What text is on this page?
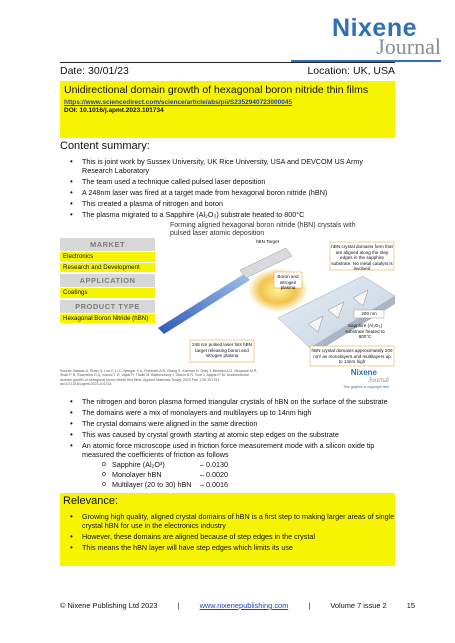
Nixene
Journal
Date: 30/01/23	Location: UK, USA
Unidirectional domain growth of hexagonal boron nitride thin films
https://www.sciencedirect.com/science/article/abs/pii/S2352940723000045
DOI: 10.1016/j.apmt.2023.101734
Content summary:
• This is joint work by Sussex University, UK Rice University, USA and DEVCOM US Army Research Laboratory
• The team used a technique called pulsed laser deposition
• A 248nm laser was fired at a target made from hexagonal boron nitride (hBN)
• This created a plasma of nitrogen and boron
• The plasma migrated to a Sapphire (Al₂O₃) substrate heated to 800°C
Forming aligned hexagonal boron nitride (hBN) crystals with pulsed laser atomic deposition
MARKET
Electronics
Research and Development
APPLICATION
Coatings
PRODUCT TYPE
Hexagonal Boron Nitride (hBN)
hBN Target
Boron and nitrogen plasma
hBN crystal domains form that are aligned along the step edges in the sapphire substrate. No metal catalyst is involved
200 nm
Sapphire (Al₂O₃) substrate heated to 800°C
248 nm pulsed laser hits hBN target releasing boron and nitrogen plasma
hBN crystal domains approximately 200 nm² as monolayers and multilayers up to 14nm high
Source: Biswas A, Ruan Q, Lee F, Li C, Iyengar S A, Puthirath A B, Zhang X, Kannan H, Gray T, Birdwell A G, Neupane M R, Shah P B, Ruzmetov D A, Ivanov T G, Vajtai R, Tiwari M, Bakhmutskiy I, Glavin N R, Tour J, Ajayan P M. Unidirectional domain growth of hexagonal boron nitride thin films. Applied Materials Today. 2023 Feb 1;30:101734. doi:10.1016/j.apmt.2023.101734
Nixene
Journal
This graphic is copyright free
• The nitrogen and boron plasma formed triangular crystals of hBN on the surface of the substrate
• The domains were a mix of monolayers and multilayers up to 14nm high
• The crystal domains were aligned in the same direction
• This was caused by crystal growth starting at atomic step edges on the substrate
• An atomic force microscope used in friction force measurement mode with a silicon oxide tip measured the coefficients of friction as follows
o Sapphire (Al₂O³)	– 0.0130
o Monolayer hBN	– 0.0020
o Multilayer (20 to 30) hBN	– 0.0016
Relevance:
• Growing high quality, aligned crystal domains of hBN is a first step to making larger areas of single crystal hBN for use in the electronics industry
• However, these domains are aligned because of step edges in the crystal
• This means the hBN layer will have step edges which limits its use
© Nixene Publishing Ltd 2023	|	www.nixenepublishing.com	|	Volume 7 issue 2	15
